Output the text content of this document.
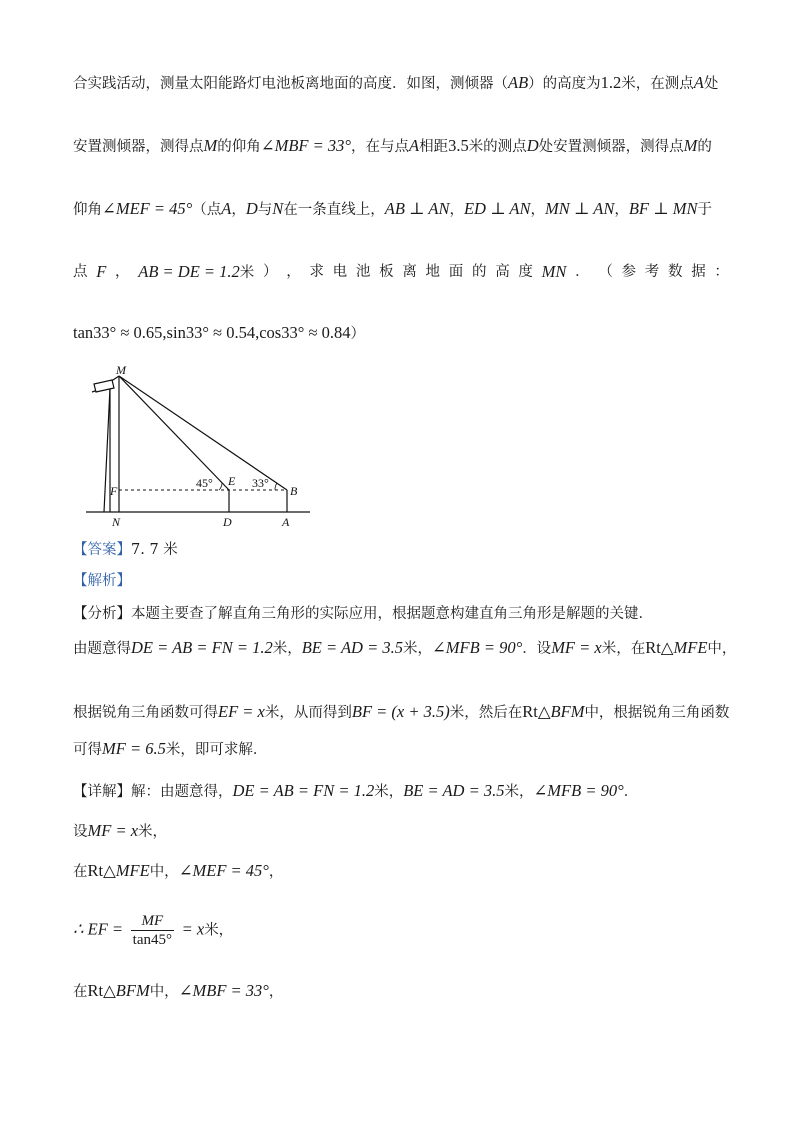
合实践活动，测量太阳能路灯电池板离地面的高度．如图，测倾器（AB）的高度为1.2米，在测点A处
安置测倾器，测得点M的仰角∠MBF = 33°，在与点A相距3.5米的测点D处安置测倾器，测得点M的
仰角∠MEF = 45°（点A，D与N在一条直线上，AB ⊥ AN，ED ⊥ AN，MN ⊥ AN，BF ⊥ MN于
点 F ， AB = DE = 1.2米 ） ， 求 电 池 板 离 地 面 的 高 度 MN ． （ 参 考 数 据 ：
tan33° ≈ 0.65,sin33° ≈ 0.54,cos33° ≈ 0.84）
M
F
N
E
D
B
A
45°	33°
【答案】7. 7 米
【解析】
【分析】本题主要查了解直角三角形的实际应用，根据题意构建直角三角形是解题的关键．
由题意得DE = AB = FN = 1.2米，BE = AD = 3.5米，∠MFB = 90°．设MF = x米，在Rt△MFE中，
根据锐角三角函数可得EF = x米，从而得到BF = (x + 3.5)米，然后在Rt△BFM中，根据锐角三角函数
可得MF = 6.5米，即可求解．
【详解】解：由题意得，DE = AB = FN = 1.2米，BE = AD = 3.5米，∠MFB = 90°．
设MF = x米，
在Rt△MFE中，∠MEF = 45°，
∴ EF = $\frac{MF}{\tan 45^\circ} = x$米，
在Rt△BFM中，∠MBF = 33°，
